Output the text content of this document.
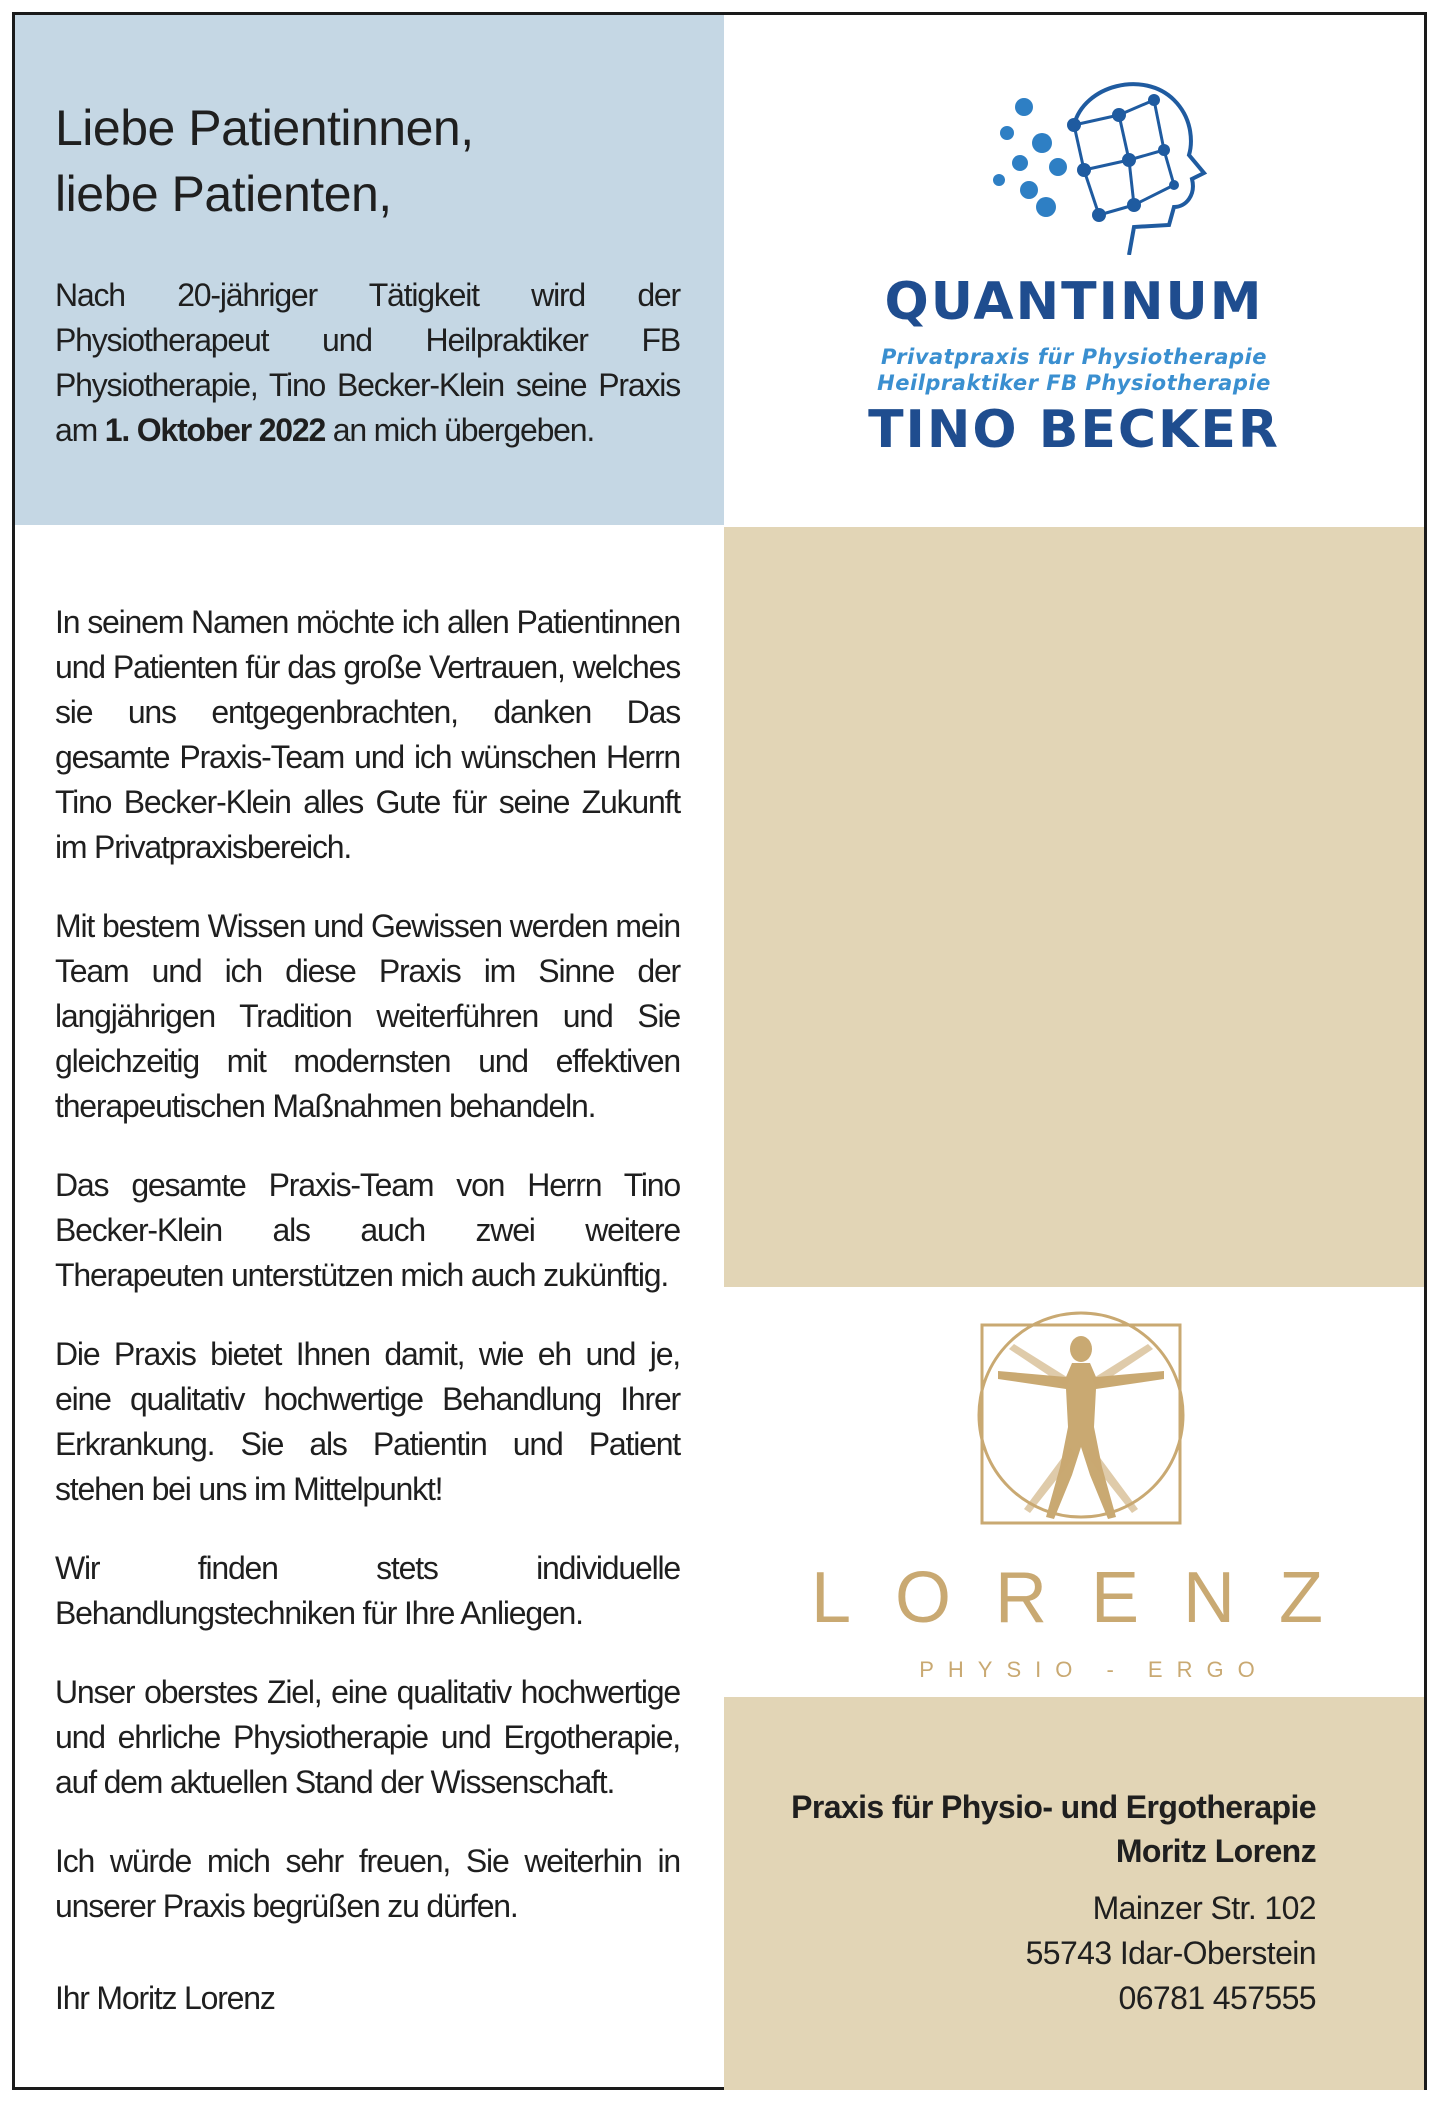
Liebe Patientinnen,
liebe Patienten,
Nach 20-jähriger Tätigkeit wird der Physiotherapeut und Heilpraktiker FB Physiotherapie, Tino Becker-Klein seine Praxis am 1. Oktober 2022 an mich übergeben.

In seinem Namen möchte ich allen Patientinnen und Patienten für das große Vertrauen, welches sie uns entgegenbrachten, danken Das gesamte Praxis-Team und ich wünschen Herrn Tino Becker-Klein alles Gute für seine Zukunft im Privatpraxisbereich.

Mit bestem Wissen und Gewissen werden mein Team und ich diese Praxis im Sinne der langjährigen Tradition weiterführen und Sie gleichzeitig mit modernsten und effektiven therapeutischen Maßnahmen behandeln.

Das gesamte Praxis-Team von Herrn Tino Becker-Klein als auch zwei weitere Therapeuten unterstützen mich auch zukünftig.

Die Praxis bietet Ihnen damit, wie eh und je, eine qualitativ hochwertige Behandlung Ihrer Erkrankung. Sie als Patientin und Patient stehen bei uns im Mittelpunkt!

Wir finden stets individuelle Behandlungstechniken für Ihre Anliegen.

Unser oberstes Ziel, eine qualitativ hochwertige und ehrliche Physiotherapie und Ergotherapie, auf dem aktuellen Stand der Wissenschaft.

Ich würde mich sehr freuen, Sie weiterhin in unserer Praxis begrüßen zu dürfen.

Ihr Moritz Lorenz
QUANTINUM
Privatpraxis für Physiotherapie
Heilpraktiker FB Physiotherapie
TINO BECKER
LORENZ
PHYSIO - ERGO
Praxis für Physio- und Ergotherapie
Moritz Lorenz
Mainzer Str. 102
55743 Idar-Oberstein
06781 457555
